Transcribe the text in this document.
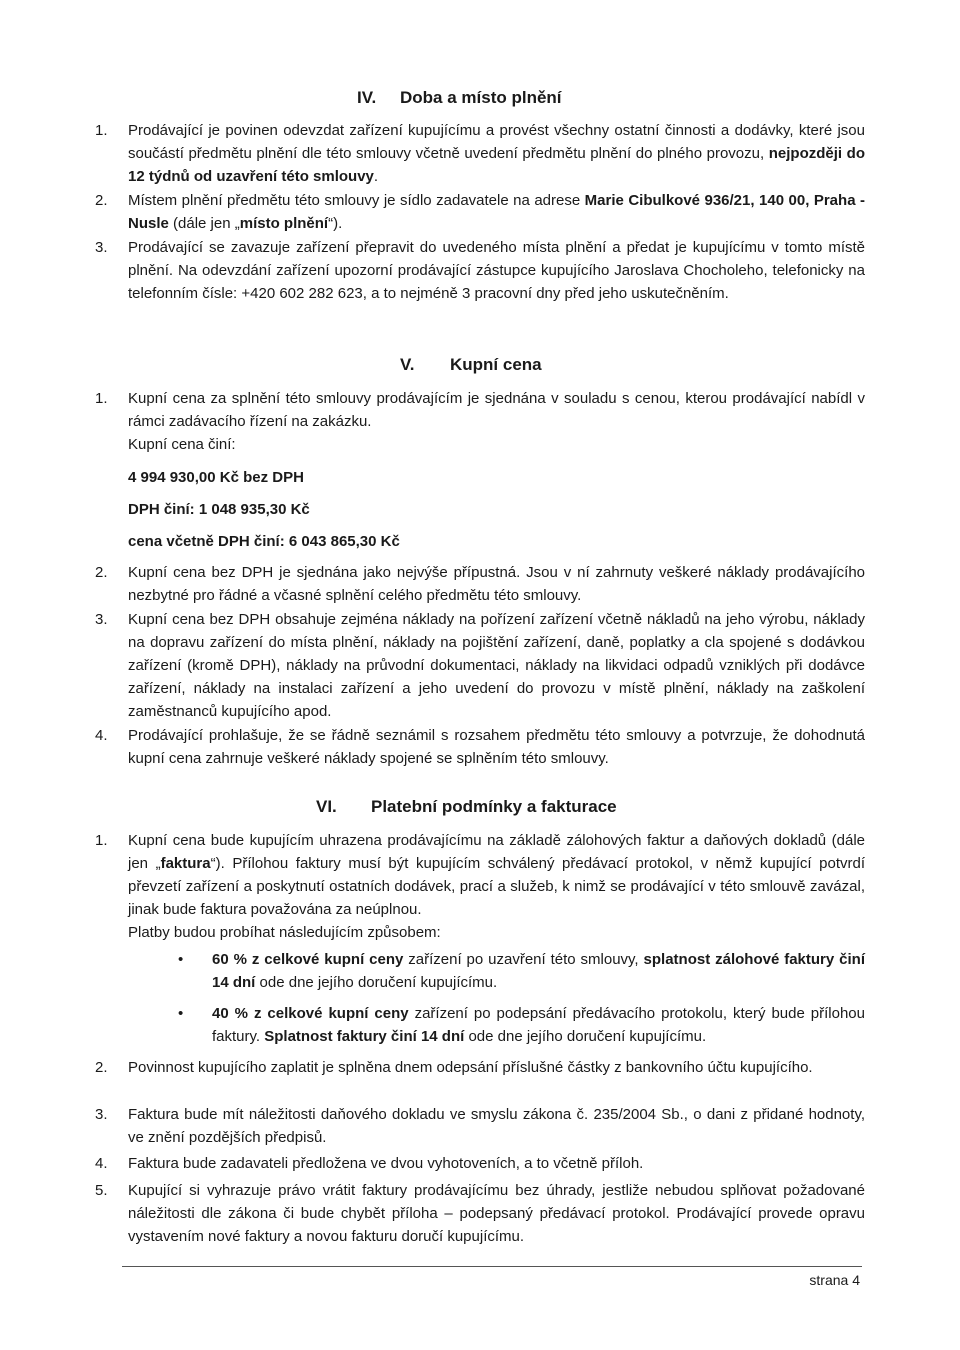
IV. Doba a místo plnění
1. Prodávající je povinen odevzdat zařízení kupujícímu a provést všechny ostatní činnosti a dodávky, které jsou součástí předmětu plnění dle této smlouvy včetně uvedení předmětu plnění do plného provozu, nejpozději do 12 týdnů od uzavření této smlouvy.
2. Místem plnění předmětu této smlouvy je sídlo zadavatele na adrese Marie Cibulkové 936/21, 140 00, Praha - Nusle (dále jen „místo plnění“).
3. Prodávající se zavazuje zařízení přepravit do uvedeného místa plnění a předat je kupujícímu v tomto místě plnění. Na odevzdání zařízení upozorní prodávající zástupce kupujícího Jaroslava Chocholeho, telefonicky na telefonním čísle: +420 602 282 623, a to nejméně 3 pracovní dny před jeho uskutečněním.
V. Kupní cena
1. Kupní cena za splnění této smlouvy prodávajícím je sjednána v souladu s cenou, kterou prodávající nabídl v rámci zadávacího řízení na zakázku.
Kupní cena činí:
4 994 930,00 Kč bez DPH
DPH činí: 1 048 935,30 Kč
cena včetně DPH činí: 6 043 865,30 Kč
2. Kupní cena bez DPH je sjednána jako nejvýše přípustná. Jsou v ní zahrnuty veškeré náklady prodávajícího nezbytné pro řádné a včasné splnění celého předmětu této smlouvy.
3. Kupní cena bez DPH obsahuje zejména náklady na pořízení zařízení včetně nákladů na jeho výrobu, náklady na dopravu zařízení do místa plnění, náklady na pojištění zařízení, daně, poplatky a cla spojené s dodávkou zařízení (kromě DPH), náklady na průvodní dokumentaci, náklady na likvidaci odpadů vzniklých při dodávce zařízení, náklady na instalaci zařízení a jeho uvedení do provozu v místě plnění, náklady na zaškolení zaměstnanců kupujícího apod.
4. Prodávající prohlašuje, že se řádně seznámil s rozsahem předmětu této smlouvy a potvrzuje, že dohodnutá kupní cena zahrnuje veškeré náklady spojené se splněním této smlouvy.
VI. Platební podmínky a fakturace
1. Kupní cena bude kupujícím uhrazena prodávajícímu na základě zálohových faktur a daňových dokladů (dále jen „faktura“). Přílohou faktury musí být kupujícím schválený předávací protokol, v němž kupující potvrdí převzetí zařízení a poskytnutí ostatních dodávek, prací a služeb, k nimž se prodávající v této smlouvě zavázal, jinak bude faktura považována za neúplnou.
Platby budou probíhat následujícím způsobem:
• 60 % z celkové kupní ceny zařízení po uzavření této smlouvy, splatnost zálohové faktury činí 14 dní ode dne jejího doručení kupujícímu.
• 40 % z celkové kupní ceny zařízení po podepsání předávacího protokolu, který bude přílohou faktury. Splatnost faktury činí 14 dní ode dne jejího doručení kupujícímu.
2. Povinnost kupujícího zaplatit je splněna dnem odepsání příslušné částky z bankovního účtu kupujícího.
3. Faktura bude mít náležitosti daňového dokladu ve smyslu zákona č. 235/2004 Sb., o dani z přidané hodnoty, ve znění pozdějších předpisů.
4. Faktura bude zadavateli předložena ve dvou vyhotoveních, a to včetně příloh.
5. Kupující si vyhrazuje právo vrátit faktury prodávajícímu bez úhrady, jestliže nebudou splňovat požadované náležitosti dle zákona či bude chybět příloha – podepsaný předávací protokol. Prodávající provede opravu vystavením nové faktury a novou fakturu doručí kupujícímu.
strana 4
